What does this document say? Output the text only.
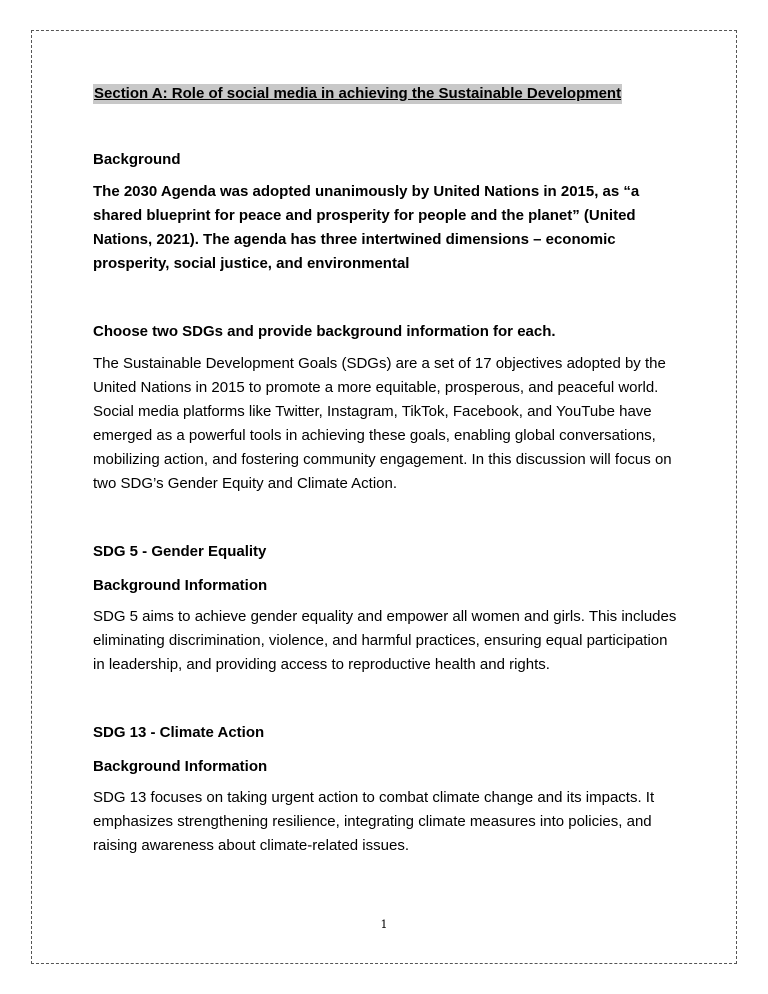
Section A: Role of social media in achieving the Sustainable Development

Background

The 2030 Agenda was adopted unanimously by United Nations in 2015, as “a shared blueprint for peace and prosperity for people and the planet” (United Nations, 2021). The agenda has three intertwined dimensions – economic prosperity, social justice, and environmental

Choose two SDGs and provide background information for each.

The Sustainable Development Goals (SDGs) are a set of 17 objectives adopted by the United Nations in 2015 to promote a more equitable, prosperous, and peaceful world. Social media platforms like Twitter, Instagram, TikTok, Facebook, and YouTube have emerged as a powerful tools in achieving these goals, enabling global conversations, mobilizing action, and fostering community engagement. In this discussion will focus on two SDG’s Gender Equity and Climate Action.

SDG 5 - Gender Equality

Background Information

SDG 5 aims to achieve gender equality and empower all women and girls. This includes eliminating discrimination, violence, and harmful practices, ensuring equal participation in leadership, and providing access to reproductive health and rights.

SDG 13 - Climate Action

Background Information

SDG 13 focuses on taking urgent action to combat climate change and its impacts. It emphasizes strengthening resilience, integrating climate measures into policies, and raising awareness about climate-related issues.

1
